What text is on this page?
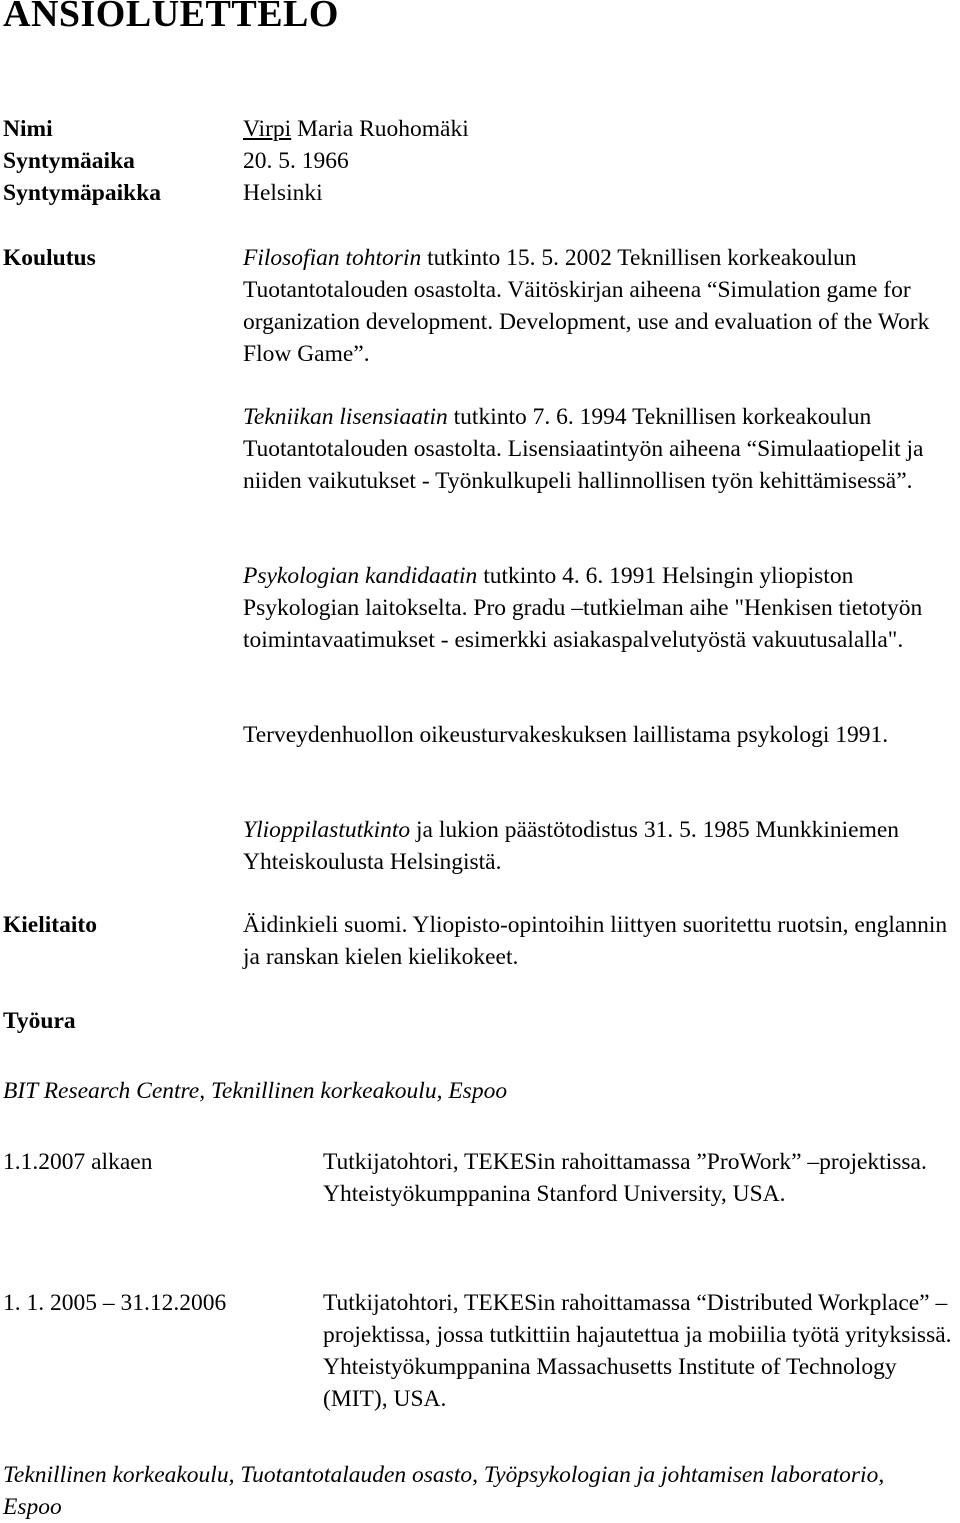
ANSIOLUETTELO
Nimi	Virpi Maria Ruohomäki
Syntymäaika	20. 5. 1966
Syntymäpaikka	Helsinki
Koulutus	Filosofian tohtorin tutkinto 15. 5. 2002 Teknillisen korkeakoulun Tuotantotalouden osastolta. Väitöskirjan aiheena “Simulation game for organization development. Development, use and evaluation of the Work Flow Game”.
Tekniikan lisensiaatin tutkinto 7. 6. 1994 Teknillisen korkeakoulun Tuotantotalouden osastolta. Lisensiaatintyön aiheena “Simulaatiopelit ja niiden vaikutukset - Työnkulkupeli hallinnollisen työn kehittämisessä”.
Psykologian kandidaatin tutkinto 4. 6. 1991 Helsingin yliopiston Psykologian laitokselta. Pro gradu –tutkielman aihe "Henkisen tietotyön toimintavaatimukset - esimerkki asiakaspalvelutyöstä vakuutusalalla".
Terveydenhuollon oikeusturvakeskuksen laillistama psykologi 1991.
Ylioppilastutkinto ja lukion päästötodistus 31. 5. 1985 Munkkiniemen Yhteiskoulusta Helsingistä.
Kielitaito	Äidinkieli suomi. Yliopisto-opintoihin liittyen suoritettu ruotsin, englannin ja ranskan kielen kielikokeet.
Työura
BIT Research Centre, Teknillinen korkeakoulu, Espoo
1.1.2007 alkaen	Tutkijatohtori, TEKESin rahoittamassa ”ProWork” –projektissa. Yhteistyökumppanina Stanford University, USA.
1. 1. 2005 – 31.12.2006	Tutkijatohtori, TEKESin rahoittamassa “Distributed Workplace” –projektissa, jossa tutkittiin hajautettua ja mobiilia työtä yrityksissä. Yhteistyökumppanina Massachusetts Institute of Technology (MIT), USA.
Teknillinen korkeakoulu, Tuotantotalauden osasto, Työpsykologian ja johtamisen laboratorio, Espoo
